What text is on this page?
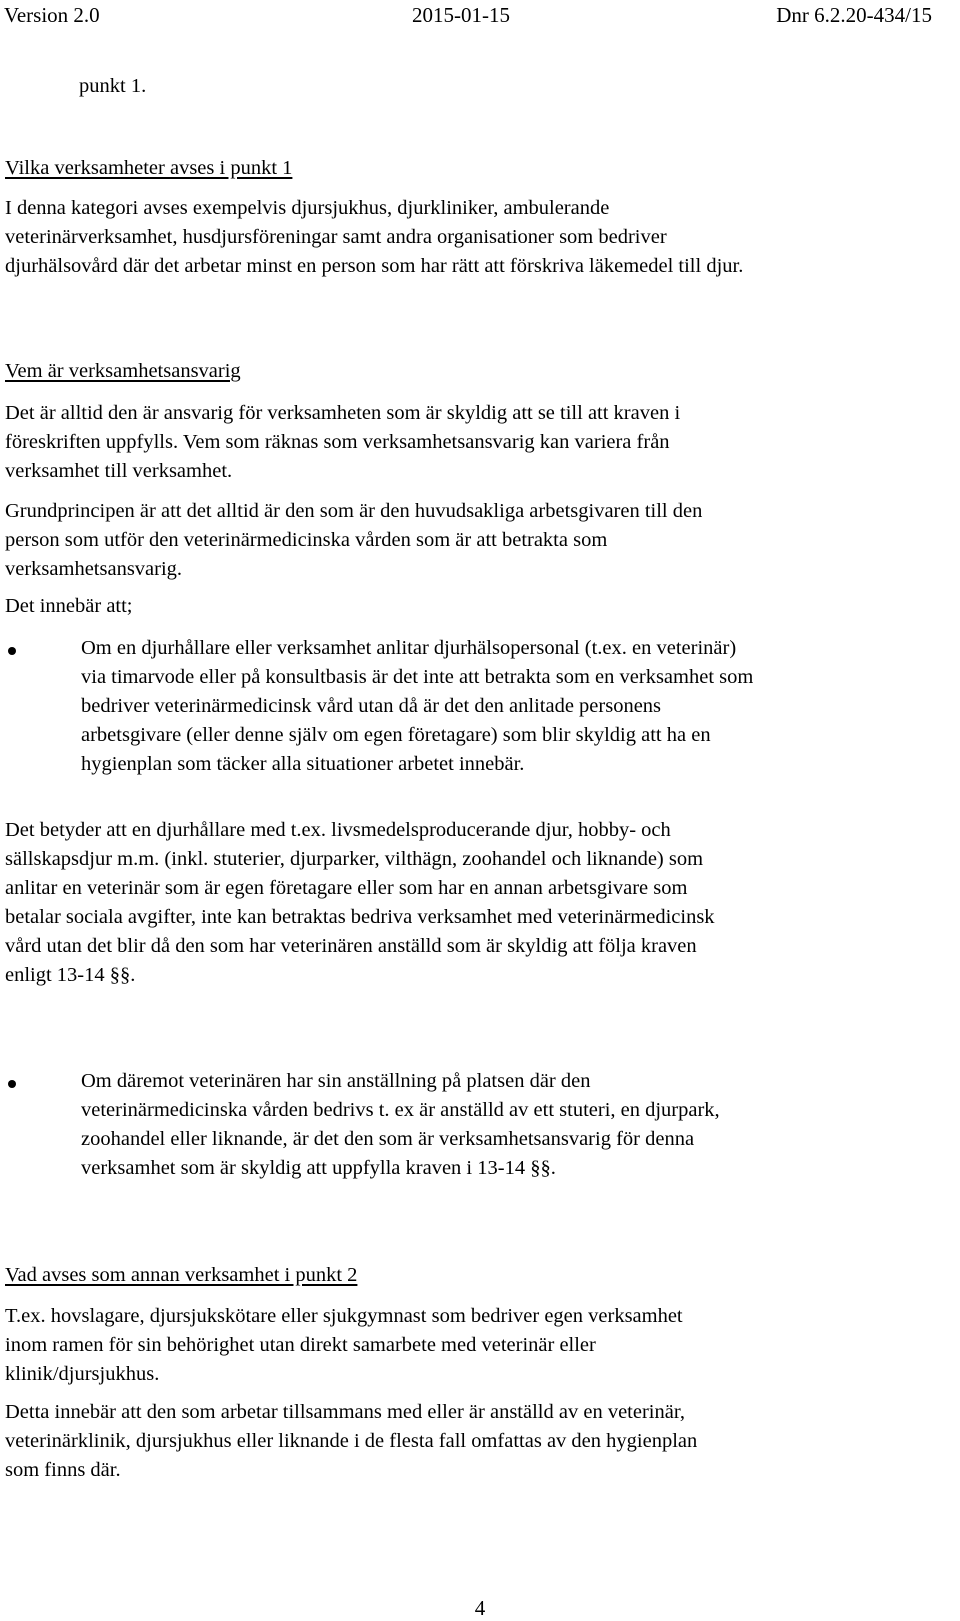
Version 2.0	2015-01-15	Dnr 6.2.20-434/15

punkt 1.

Vilka verksamheter avses i punkt 1

I denna kategori avses exempelvis djursjukhus, djurkliniker, ambulerande veterinärverksamhet, husdjursföreningar samt andra organisationer som bedriver djurhälsovård där det arbetar minst en person som har rätt att förskriva läkemedel till djur.

Vem är verksamhetsansvarig

Det är alltid den är ansvarig för verksamheten som är skyldig att se till att kraven i föreskriften uppfylls. Vem som räknas som verksamhetsansvarig kan variera från verksamhet till verksamhet.

Grundprincipen är att det alltid är den som är den huvudsakliga arbetsgivaren till den person som utför den veterinärmedicinska vården som är att betrakta som verksamhetsansvarig.

Det innebär att;

Om en djurhållare eller verksamhet anlitar djurhälsopersonal (t.ex. en veterinär) via timarvode eller på konsultbasis är det inte att betrakta som en verksamhet som bedriver veterinärmedicinsk vård utan då är det den anlitade personens arbetsgivare (eller denne själv om egen företagare) som blir skyldig att ha en hygienplan som täcker alla situationer arbetet innebär.

Det betyder att en djurhållare med t.ex. livsmedelsproducerande djur, hobby- och sällskapsdjur m.m. (inkl. stuterier, djurparker, vilthägn, zoohandel och liknande) som anlitar en veterinär som är egen företagare eller som har en annan arbetsgivare som betalar sociala avgifter, inte kan betraktas bedriva verksamhet med veterinärmedicinsk vård utan det blir då den som har veterinären anställd som är skyldig att följa kraven enligt 13-14 §§.

Om däremot veterinären har sin anställning på platsen där den veterinärmedicinska vården bedrivs t. ex är anställd av ett stuteri, en djurpark, zoohandel eller liknande, är det den som är verksamhetsansvarig för denna verksamhet som är skyldig att uppfylla kraven i 13-14 §§.

Vad avses som annan verksamhet i punkt 2

T.ex. hovslagare, djursjukskötare eller sjukgymnast som bedriver egen verksamhet inom ramen för sin behörighet utan direkt samarbete med veterinär eller klinik/djursjukhus.

Detta innebär att den som arbetar tillsammans med eller är anställd av en veterinär, veterinärklinik, djursjukhus eller liknande i de flesta fall omfattas av den hygienplan som finns där.

4
